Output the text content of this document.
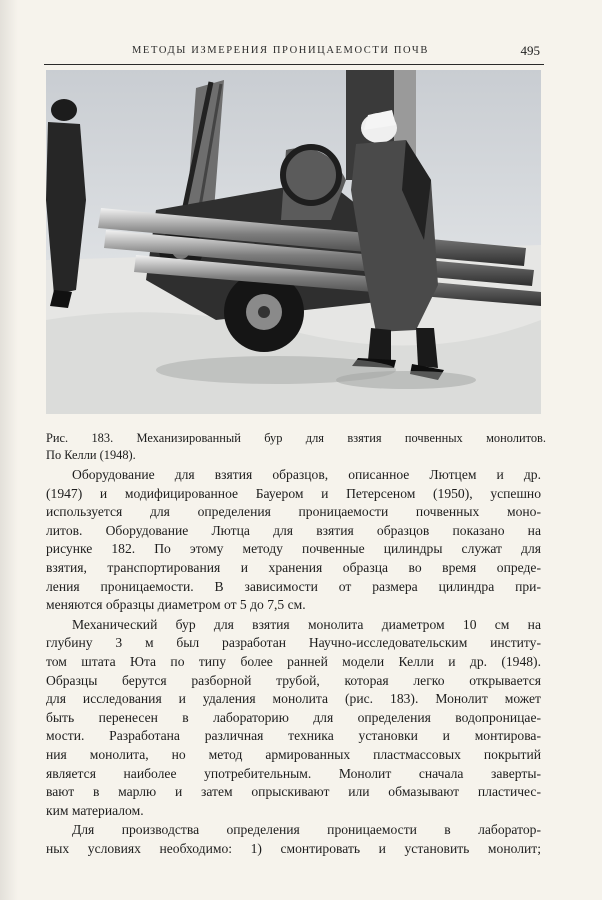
МЕТОДЫ ИЗМЕРЕНИЯ ПРОНИЦАЕМОСТИ ПОЧВ	495
Рис. 183. Механизированный бур для взятия почвенных монолитов.
По Келли (1948).

Оборудование для взятия образцов, описанное Лютцем и др.
(1947) и модифицированное Бауером и Петерсеном (1950), успешно
используется для определения проницаемости почвенных моно-
литов. Оборудование Лютца для взятия образцов показано на
рисунке 182. По этому методу почвенные цилиндры служат для
взятия, транспортирования и хранения образца во время опреде-
ления проницаемости. В зависимости от размера цилиндра при-
меняются образцы диаметром от 5 до 7,5 см.

Механический бур для взятия монолита диаметром 10 см на
глубину 3 м был разработан Научно-исследовательским институ-
том штата Юта по типу более ранней модели Келли и др. (1948).
Образцы берутся разборной трубой, которая легко открывается
для исследования и удаления монолита (рис. 183). Монолит может
быть перенесен в лабораторию для определения водопроницае-
мости. Разработана различная техника установки и монтирова-
ния монолита, но метод армированных пластмассовых покрытий
является наиболее употребительным. Монолит сначала заверты-
вают в марлю и затем опрыскивают или обмазывают пластичес-
ким материалом.

Для производства определения проницаемости в лаборатор-
ных условиях необходимо: 1) смонтировать и установить монолит;
